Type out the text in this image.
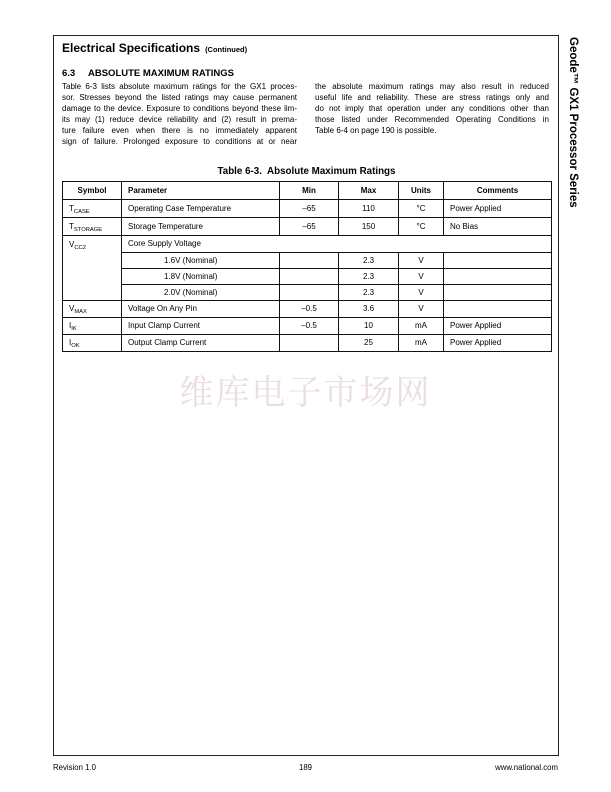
Geode™ GX1 Processor Series
Electrical Specifications (Continued)
6.3 ABSOLUTE MAXIMUM RATINGS
Table 6-3 lists absolute maximum ratings for the GX1 proces-
sor. Stresses beyond the listed ratings may cause permanent
damage to the device. Exposure to conditions beyond these lim-
its may (1) reduce device reliability and (2) result in prema-
ture failure even when there is no immediately apparent
sign of failure. Prolonged exposure to conditions at or near
the absolute maximum ratings may also result in reduced
useful life and reliability. These are stress ratings only and
do not imply that operation under any conditions other than
those listed under Recommended Operating Conditions in
Table 6-4 on page 190 is possible.
Table 6-3.  Absolute Maximum Ratings
Symbol	Parameter	Min	Max	Units	Comments
$T_{CASE}$	Operating Case Temperature	–65	110	°C	Power Applied
$T_{STORAGE}$	Storage Temperature	–65	150	°C	No Bias
$V_{CC2}$	Core Supply Voltage				
	1.6V (Nominal)		2.3	V	
	1.8V (Nominal)		2.3	V	
	2.0V (Nominal)		2.3	V	
$V_{MAX}$	Voltage On Any Pin	–0.5	3.6	V	
$I_{IK}$	Input Clamp Current	–0.5	10	mA	Power Applied
$I_{OK}$	Output Clamp Current		25	mA	Power Applied
维库电子市场网
Revision 1.0	189	www.national.com
